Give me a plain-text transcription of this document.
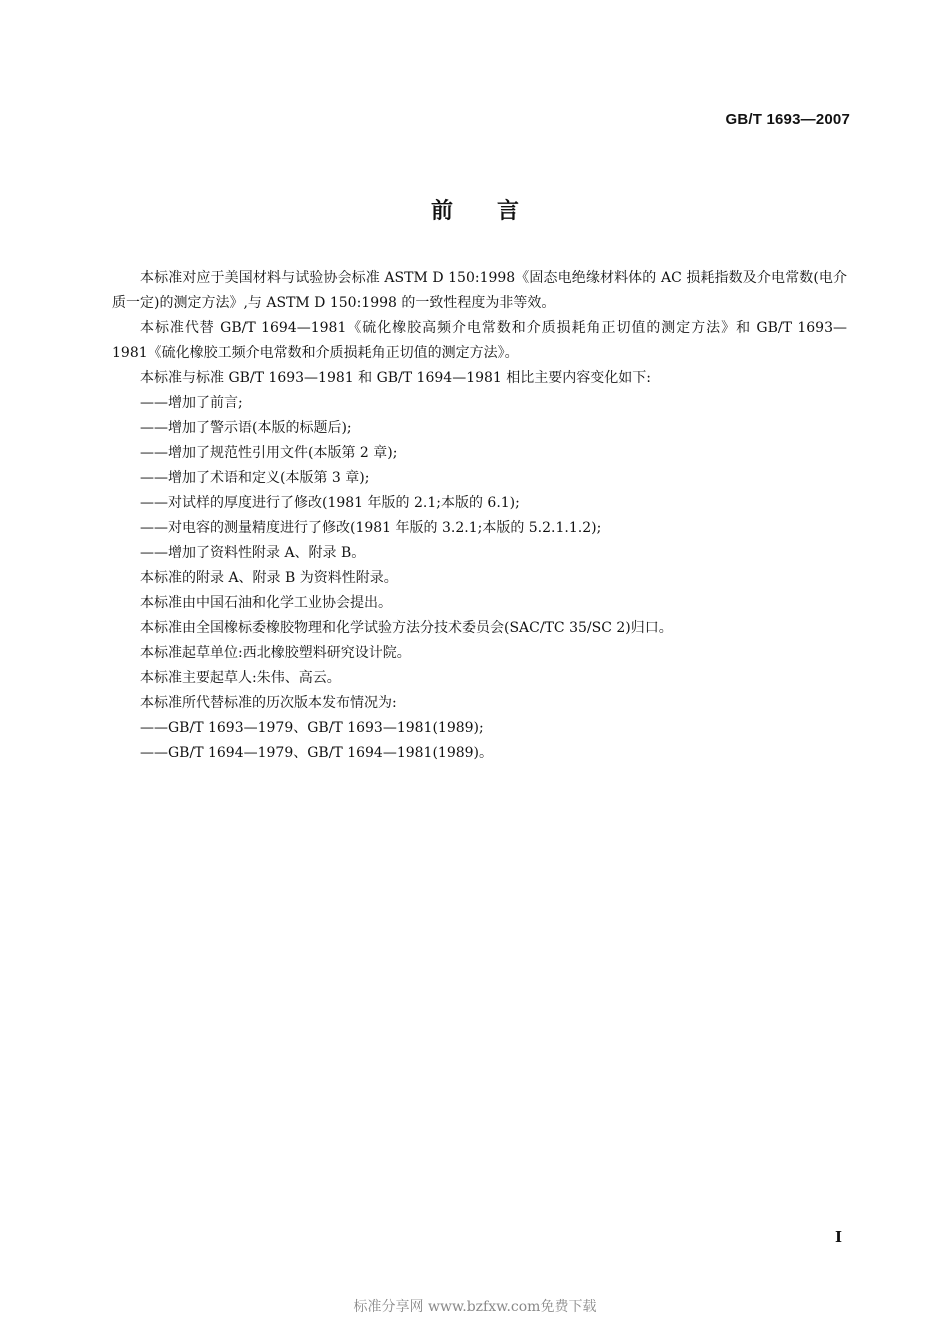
GB/T 1693—2007
前言

本标准对应于美国材料与试验协会标准 ASTM D 150:1998《固态电绝缘材料体的 AC 损耗指数及介电常数(电介质一定)的测定方法》,与 ASTM D 150:1998 的一致性程度为非等效。

本标准代替 GB/T 1694—1981《硫化橡胶高频介电常数和介质损耗角正切值的测定方法》和 GB/T 1693—1981《硫化橡胶工频介电常数和介质损耗角正切值的测定方法》。

本标准与标准 GB/T 1693—1981 和 GB/T 1694—1981 相比主要内容变化如下:

——增加了前言;

——增加了警示语(本版的标题后);

——增加了规范性引用文件(本版第 2 章);

——增加了术语和定义(本版第 3 章);

——对试样的厚度进行了修改(1981 年版的 2.1;本版的 6.1);

——对电容的测量精度进行了修改(1981 年版的 3.2.1;本版的 5.2.1.1.2);

——增加了资料性附录 A、附录 B。

本标准的附录 A、附录 B 为资料性附录。

本标准由中国石油和化学工业协会提出。

本标准由全国橡标委橡胶物理和化学试验方法分技术委员会(SAC/TC 35/SC 2)归口。

本标准起草单位:西北橡胶塑料研究设计院。

本标准主要起草人:朱伟、高云。

本标准所代替标准的历次版本发布情况为:

——GB/T 1693—1979、GB/T 1693—1981(1989);

——GB/T 1694—1979、GB/T 1694—1981(1989)。

I
标准分享网 www.bzfxw.com免费下载
